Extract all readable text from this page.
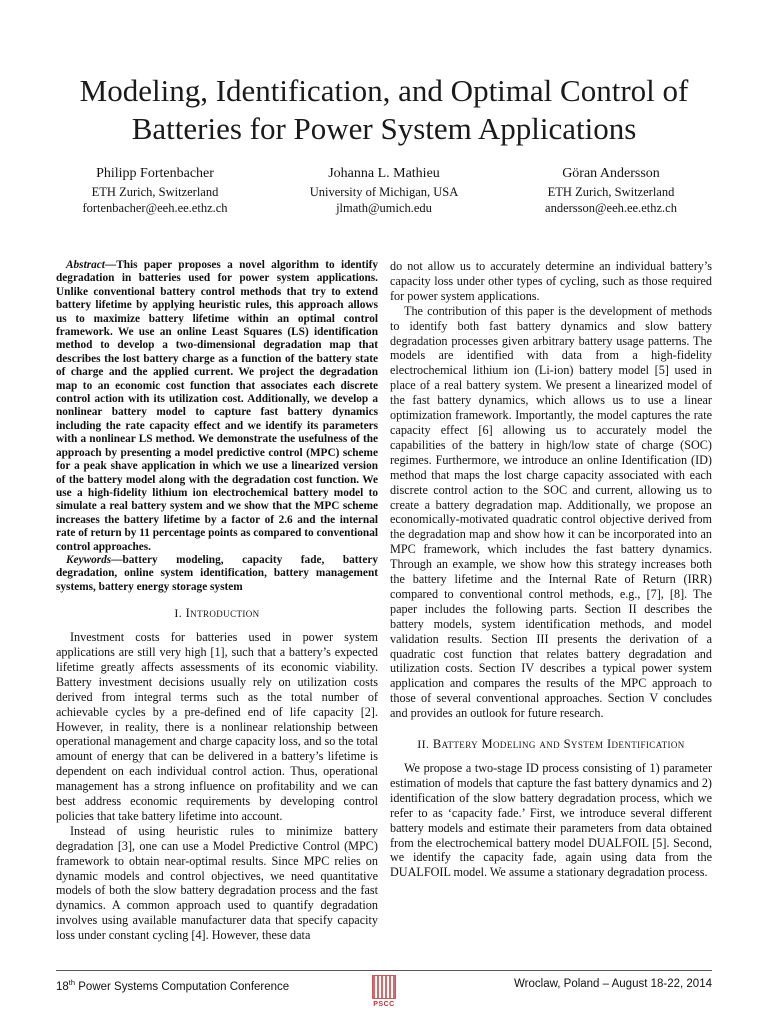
Modeling, Identification, and Optimal Control of
Batteries for Power System Applications
Philipp Fortenbacher
ETH Zurich, Switzerland
fortenbacher@eeh.ee.ethz.ch
Johanna L. Mathieu
University of Michigan, USA
jlmath@umich.edu
Göran Andersson
ETH Zurich, Switzerland
andersson@eeh.ee.ethz.ch

Abstract—This paper proposes a novel algorithm to identify degradation in batteries used for power system applications. Unlike conventional battery control methods that try to extend battery lifetime by applying heuristic rules, this approach allows us to maximize battery lifetime within an optimal control framework. We use an online Least Squares (LS) identification method to develop a two-dimensional degradation map that describes the lost battery charge as a function of the battery state of charge and the applied current. We project the degradation map to an economic cost function that associates each discrete control action with its utilization cost. Additionally, we develop a nonlinear battery model to capture fast battery dynamics including the rate capacity effect and we identify its parameters with a nonlinear LS method. We demonstrate the usefulness of the approach by presenting a model predictive control (MPC) scheme for a peak shave application in which we use a linearized version of the battery model along with the degradation cost function. We use a high-fidelity lithium ion electrochemical battery model to simulate a real battery system and we show that the MPC scheme increases the battery lifetime by a factor of 2.6 and the internal rate of return by 11 percentage points as compared to conventional control approaches.

Keywords—battery modeling, capacity fade, battery degradation, online system identification, battery management systems, battery energy storage system

I. Introduction

Investment costs for batteries used in power system applications are still very high [1], such that a battery’s expected lifetime greatly affects assessments of its economic viability. Battery investment decisions usually rely on utilization costs derived from integral terms such as the total number of achievable cycles by a pre-defined end of life capacity [2]. However, in reality, there is a nonlinear relationship between operational management and charge capacity loss, and so the total amount of energy that can be delivered in a battery’s lifetime is dependent on each individual control action. Thus, operational management has a strong influence on profitability and we can best address economic requirements by developing control policies that take battery lifetime into account.

Instead of using heuristic rules to minimize battery degradation [3], one can use a Model Predictive Control (MPC) framework to obtain near-optimal results. Since MPC relies on dynamic models and control objectives, we need quantitative models of both the slow battery degradation process and the fast dynamics. A common approach used to quantify degradation involves using available manufacturer data that specify capacity loss under constant cycling [4]. However, these data

do not allow us to accurately determine an individual battery’s capacity loss under other types of cycling, such as those required for power system applications.

The contribution of this paper is the development of methods to identify both fast battery dynamics and slow battery degradation processes given arbitrary battery usage patterns. The models are identified with data from a high-fidelity electrochemical lithium ion (Li-ion) battery model [5] used in place of a real battery system. We present a linearized model of the fast battery dynamics, which allows us to use a linear optimization framework. Importantly, the model captures the rate capacity effect [6] allowing us to accurately model the capabilities of the battery in high/low state of charge (SOC) regimes. Furthermore, we introduce an online Identification (ID) method that maps the lost charge capacity associated with each discrete control action to the SOC and current, allowing us to create a battery degradation map. Additionally, we propose an economically-motivated quadratic control objective derived from the degradation map and show how it can be incorporated into an MPC framework, which includes the fast battery dynamics. Through an example, we show how this strategy increases both the battery lifetime and the Internal Rate of Return (IRR) compared to conventional control methods, e.g., [7], [8]. The paper includes the following parts. Section II describes the battery models, system identification methods, and model validation results. Section III presents the derivation of a quadratic cost function that relates battery degradation and utilization costs. Section IV describes a typical power system application and compares the results of the MPC approach to those of several conventional approaches. Section V concludes and provides an outlook for future research.

II. Battery Modeling and System Identification

We propose a two-stage ID process consisting of 1) parameter estimation of models that capture the fast battery dynamics and 2) identification of the slow battery degradation process, which we refer to as ‘capacity fade.’ First, we introduce several different battery models and estimate their parameters from data obtained from the electrochemical battery model DUALFOIL [5]. Second, we identify the capacity fade, again using data from the DUALFOIL model. We assume a stationary degradation process.

18th Power Systems Computation Conference
PSCC
Wroclaw, Poland – August 18-22, 2014
